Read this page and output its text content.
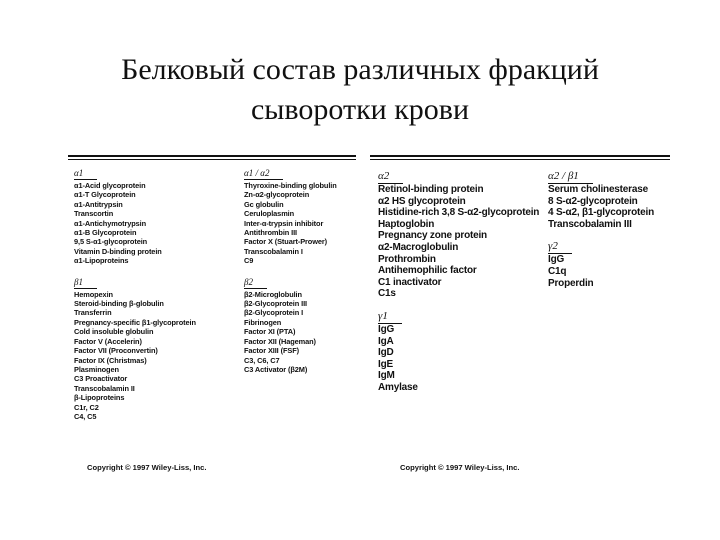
Белковый состав различных фракций
сыворотки крови
α1
α1-Acid glycoprotein
α1-T Glycoprotein
α1-Antitrypsin
Transcortin
α1-Antichymotrypsin
α1-B Glycoprotein
9,5 S-α1-glycoprotein
Vitamin D-binding protein
α1-Lipoproteins
β1
Hemopexin
Steroid-binding β-globulin
Transferrin
Pregnancy-specific β1-glycoprotein
Cold insoluble globulin
Factor V (Accelerin)
Factor VII (Proconvertin)
Factor IX (Christmas)
Plasminogen
C3 Proactivator
Transcobalamin II
β-Lipoproteins
C1r, C2
C4, C5
α1 / α2
Thyroxine-binding globulin
Zn-α2-glycoprotein
Gc globulin
Ceruloplasmin
Inter-α-trypsin inhibitor
Antithrombin III
Factor X (Stuart-Prower)
Transcobalamin I
C9
β2
β2-Microglobulin
β2-Glycoprotein III
β2-Glycoprotein I
Fibrinogen
Factor XI (PTA)
Factor XII (Hageman)
Factor XIII (FSF)
C3, C6, C7
C3 Activator (β2M)
Copyright © 1997 Wiley-Liss, Inc.
α2
Retinol-binding protein
α2 HS glycoprotein
Histidine-rich 3,8 S-α2-glycoprotein
Haptoglobin
Pregnancy zone protein
α2-Macroglobulin
Prothrombin
Antihemophilic factor
C1 inactivator
C1s
γ1
IgG
IgA
IgD
IgE
IgM
Amylase
α2 / β1
Serum cholinesterase
8 S-α2-glycoprotein
4 S-α2, β1-glycoprotein
Transcobalamin III
γ2
IgG
C1q
Properdin
Copyright © 1997 Wiley-Liss, Inc.
